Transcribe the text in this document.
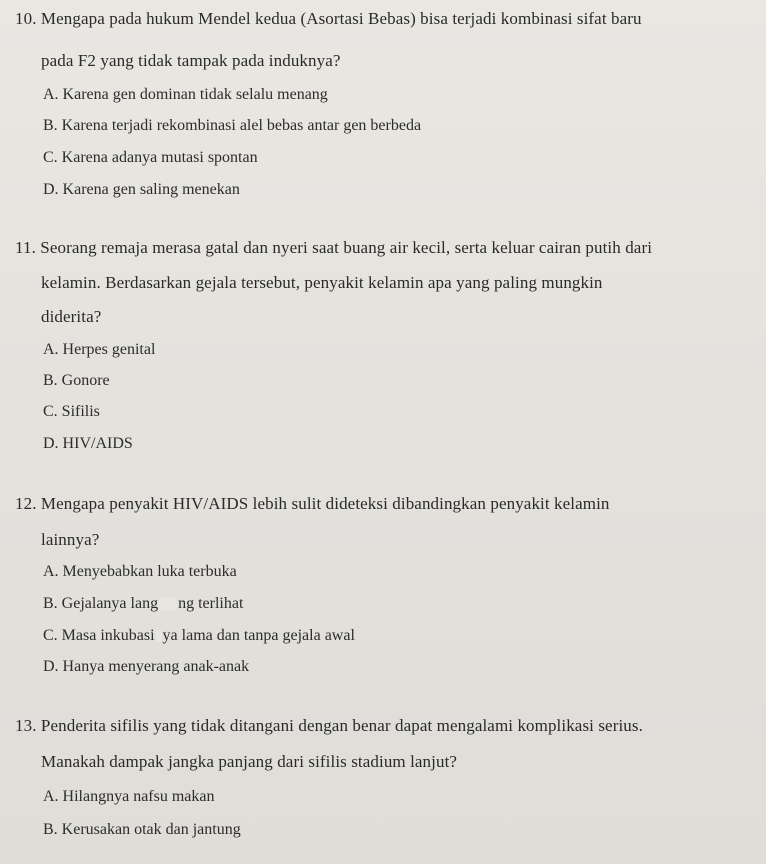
10. Mengapa pada hukum Mendel kedua (Asortasi Bebas) bisa terjadi kombinasi sifat baru
pada F2 yang tidak tampak pada induknya?
A. Karena gen dominan tidak selalu menang
B. Karena terjadi rekombinasi alel bebas antar gen berbeda
C. Karena adanya mutasi spontan
D. Karena gen saling menekan
11. Seorang remaja merasa gatal dan nyeri saat buang air kecil, serta keluar cairan putih dari
kelamin. Berdasarkan gejala tersebut, penyakit kelamin apa yang paling mungkin
diderita?
A. Herpes genital
B. Gonore
C. Sifilis
D. HIV/AIDS
12. Mengapa penyakit HIV/AIDS lebih sulit dideteksi dibandingkan penyakit kelamin
lainnya?
A. Menyebabkan luka terbuka
B. Gejalanya lang ng terlihat
C. Masa inkubasi ya lama dan tanpa gejala awal
D. Hanya menyerang anak-anak
13. Penderita sifilis yang tidak ditangani dengan benar dapat mengalami komplikasi serius.
Manakah dampak jangka panjang dari sifilis stadium lanjut?
A. Hilangnya nafsu makan
B. Kerusakan otak dan jantung
